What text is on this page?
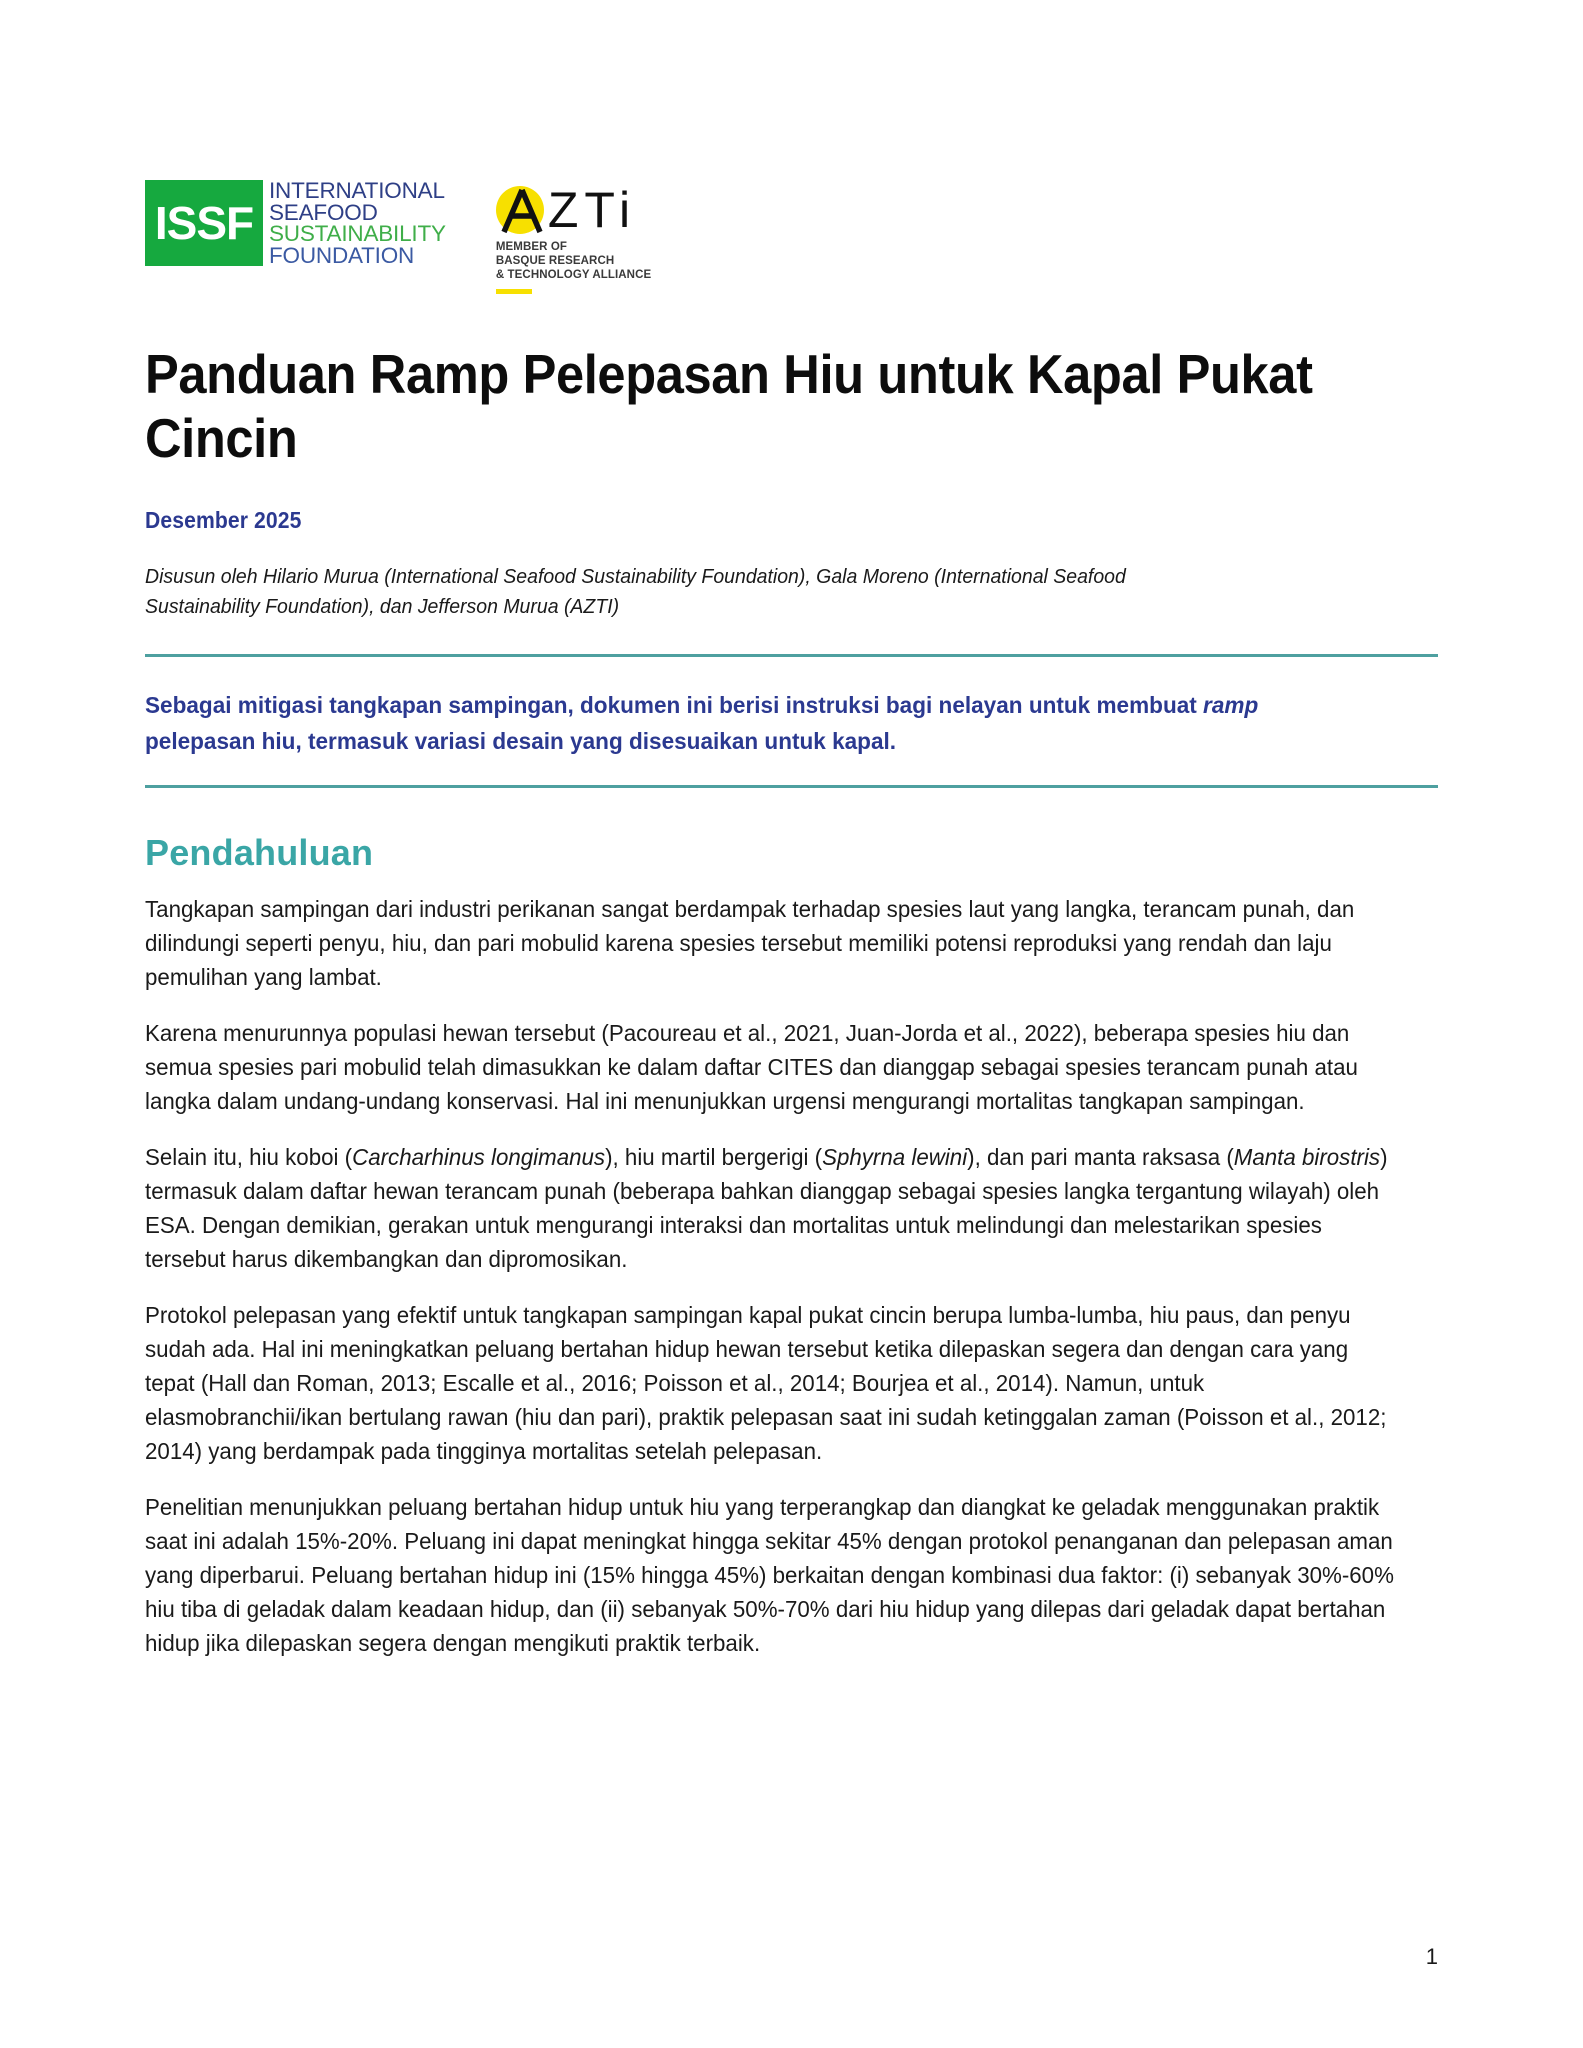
ISSF
INTERNATIONAL
SEAFOOD
SUSTAINABILITY
FOUNDATION
ZTi
MEMBER OF
BASQUE RESEARCH
& TECHNOLOGY ALLIANCE
Panduan Ramp Pelepasan Hiu untuk Kapal Pukat Cincin
Desember 2025
Disusun oleh Hilario Murua (International Seafood Sustainability Foundation), Gala Moreno (International Seafood Sustainability Foundation), dan Jefferson Murua (AZTI)
Sebagai mitigasi tangkapan sampingan, dokumen ini berisi instruksi bagi nelayan untuk membuat ramp pelepasan hiu, termasuk variasi desain yang disesuaikan untuk kapal.
Pendahuluan

Tangkapan sampingan dari industri perikanan sangat berdampak terhadap spesies laut yang langka, terancam punah, dan dilindungi seperti penyu, hiu, dan pari mobulid karena spesies tersebut memiliki potensi reproduksi yang rendah dan laju pemulihan yang lambat.

Karena menurunnya populasi hewan tersebut (Pacoureau et al., 2021, Juan-Jorda et al., 2022), beberapa spesies hiu dan semua spesies pari mobulid telah dimasukkan ke dalam daftar CITES dan dianggap sebagai spesies terancam punah atau langka dalam undang-undang konservasi. Hal ini menunjukkan urgensi mengurangi mortalitas tangkapan sampingan.

Selain itu, hiu koboi (Carcharhinus longimanus), hiu martil bergerigi (Sphyrna lewini), dan pari manta raksasa (Manta birostris) termasuk dalam daftar hewan terancam punah (beberapa bahkan dianggap sebagai spesies langka tergantung wilayah) oleh ESA. Dengan demikian, gerakan untuk mengurangi interaksi dan mortalitas untuk melindungi dan melestarikan spesies tersebut harus dikembangkan dan dipromosikan.

Protokol pelepasan yang efektif untuk tangkapan sampingan kapal pukat cincin berupa lumba-lumba, hiu paus, dan penyu sudah ada. Hal ini meningkatkan peluang bertahan hidup hewan tersebut ketika dilepaskan segera dan dengan cara yang tepat (Hall dan Roman, 2013; Escalle et al., 2016; Poisson et al., 2014; Bourjea et al., 2014). Namun, untuk elasmobranchii/ikan bertulang rawan (hiu dan pari), praktik pelepasan saat ini sudah ketinggalan zaman (Poisson et al., 2012; 2014) yang berdampak pada tingginya mortalitas setelah pelepasan.

Penelitian menunjukkan peluang bertahan hidup untuk hiu yang terperangkap dan diangkat ke geladak menggunakan praktik saat ini adalah 15%-20%. Peluang ini dapat meningkat hingga sekitar 45% dengan protokol penanganan dan pelepasan aman yang diperbarui. Peluang bertahan hidup ini (15% hingga 45%) berkaitan dengan kombinasi dua faktor: (i) sebanyak 30%-60% hiu tiba di geladak dalam keadaan hidup, dan (ii) sebanyak 50%-70% dari hiu hidup yang dilepas dari geladak dapat bertahan hidup jika dilepaskan segera dengan mengikuti praktik terbaik.

1
